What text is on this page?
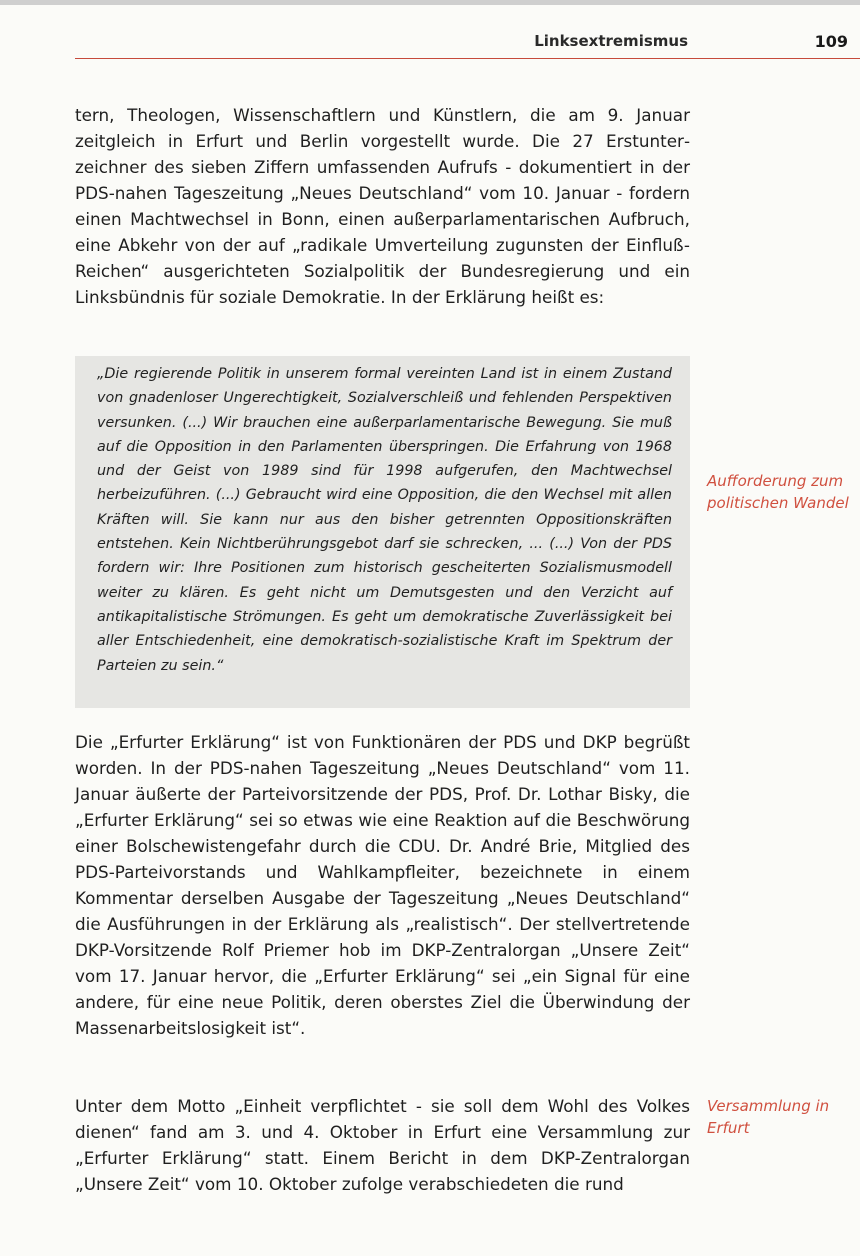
Linksextremismus	109

tern, Theologen, Wissenschaftlern und Künstlern, die am 9. Januar zeitgleich in Erfurt und Berlin vorgestellt wurde. Die 27 Erstunterzeichner des sieben Ziffern umfassenden Aufrufs - dokumentiert in der PDS-nahen Tageszeitung „Neues Deutschland“ vom 10. Januar - fordern einen Machtwechsel in Bonn, einen außerparlamentarischen Aufbruch, eine Abkehr von der auf „radikale Umverteilung zugunsten der Einfluß-Reichen“ ausgerichteten Sozialpolitik der Bundesregierung und ein Linksbündnis für soziale Demokratie. In der Erklärung heißt es:

„Die regierende Politik in unserem formal vereinten Land ist in einem Zustand von gnadenloser Ungerechtigkeit, Sozialverschleiß und fehlenden Perspektiven versunken. (...) Wir brauchen eine außerparlamentarische Bewegung. Sie muß auf die Opposition in den Parlamenten überspringen. Die Erfahrung von 1968 und der Geist von 1989 sind für 1998 aufgerufen, den Machtwechsel herbeizuführen. (...) Gebraucht wird eine Opposition, die den Wechsel mit allen Kräften will. Sie kann nur aus den bisher getrennten Oppositionskräften entstehen. Kein Nichtberührungsgebot darf sie schrecken, ... (...) Von der PDS fordern wir: Ihre Positionen zum historisch gescheiterten Sozialismusmodell weiter zu klären. Es geht nicht um Demutsgesten und den Verzicht auf antikapitalistische Strömungen. Es geht um demokratische Zuverlässigkeit bei aller Entschiedenheit, eine demokratisch-sozialistische Kraft im Spektrum der Parteien zu sein.“

Aufforderung zum politischen Wandel

Die „Erfurter Erklärung“ ist von Funktionären der PDS und DKP begrüßt worden. In der PDS-nahen Tageszeitung „Neues Deutschland“ vom 11. Januar äußerte der Parteivorsitzende der PDS, Prof. Dr. Lothar Bisky, die „Erfurter Erklärung“ sei so etwas wie eine Reaktion auf die Beschwörung einer Bolschewistengefahr durch die CDU. Dr. André Brie, Mitglied des PDS-Parteivorstands und Wahlkampfleiter, bezeichnete in einem Kommentar derselben Ausgabe der Tageszeitung „Neues Deutschland“ die Ausführungen in der Erklärung als „realistisch“. Der stellvertretende DKP-Vorsitzende Rolf Priemer hob im DKP-Zentralorgan „Unsere Zeit“ vom 17. Januar hervor, die „Erfurter Erklärung“ sei „ein Signal für eine andere, für eine neue Politik, deren oberstes Ziel die Überwindung der Massenarbeitslosigkeit ist“.

Unter dem Motto „Einheit verpflichtet - sie soll dem Wohl des Volkes dienen“ fand am 3. und 4. Oktober in Erfurt eine Versammlung zur „Erfurter Erklärung“ statt. Einem Bericht in dem DKP-Zentralorgan „Unsere Zeit“ vom 10. Oktober zufolge verabschiedeten die rund

Versammlung in Erfurt
